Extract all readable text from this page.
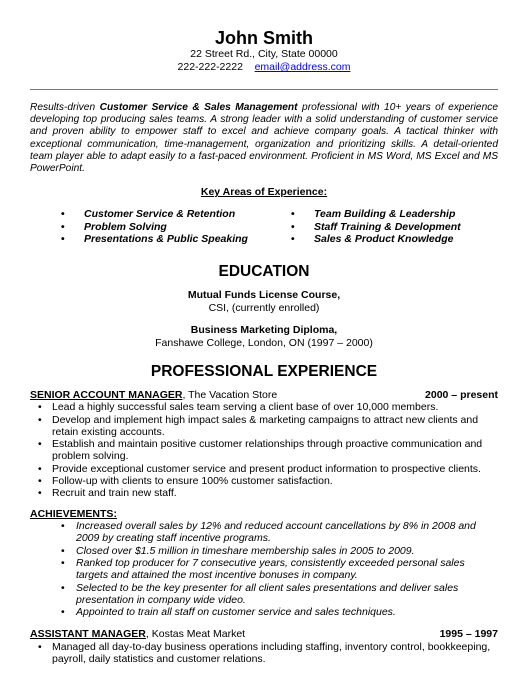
John Smith
22 Street Rd., City, State 00000
222-222-2222 email@address.com
Results-driven Customer Service & Sales Management professional with 10+ years of experience developing top producing sales teams. A strong leader with a solid understanding of customer service and proven ability to empower staff to excel and achieve company goals. A tactical thinker with exceptional communication, time-management, organization and prioritizing skills. A detail-oriented team player able to adapt easily to a fast-paced environment. Proficient in MS Word, MS Excel and MS PowerPoint.
Key Areas of Experience:
• Customer Service & Retention
• Problem Solving
• Presentations & Public Speaking
• Team Building & Leadership
• Staff Training & Development
• Sales & Product Knowledge
EDUCATION
Mutual Funds License Course,
CSI, (currently enrolled)
Business Marketing Diploma,
Fanshawe College, London, ON (1997 – 2000)
PROFESSIONAL EXPERIENCE
SENIOR ACCOUNT MANAGER, The Vacation Store	2000 – present
• Lead a highly successful sales team serving a client base of over 10,000 members.
• Develop and implement high impact sales & marketing campaigns to attract new clients and retain existing accounts.
• Establish and maintain positive customer relationships through proactive communication and problem solving.
• Provide exceptional customer service and present product information to prospective clients.
• Follow-up with clients to ensure 100% customer satisfaction.
• Recruit and train new staff.
ACHIEVEMENTS:
• Increased overall sales by 12% and reduced account cancellations by 8% in 2008 and 2009 by creating staff incentive programs.
• Closed over $1.5 million in timeshare membership sales in 2005 to 2009.
• Ranked top producer for 7 consecutive years, consistently exceeded personal sales targets and attained the most incentive bonuses in company.
• Selected to be the key presenter for all client sales presentations and deliver sales presentation in company wide video.
• Appointed to train all staff on customer service and sales techniques.
ASSISTANT MANAGER, Kostas Meat Market	1995 – 1997
• Managed all day-to-day business operations including staffing, inventory control, bookkeeping, payroll, daily statistics and customer relations.
